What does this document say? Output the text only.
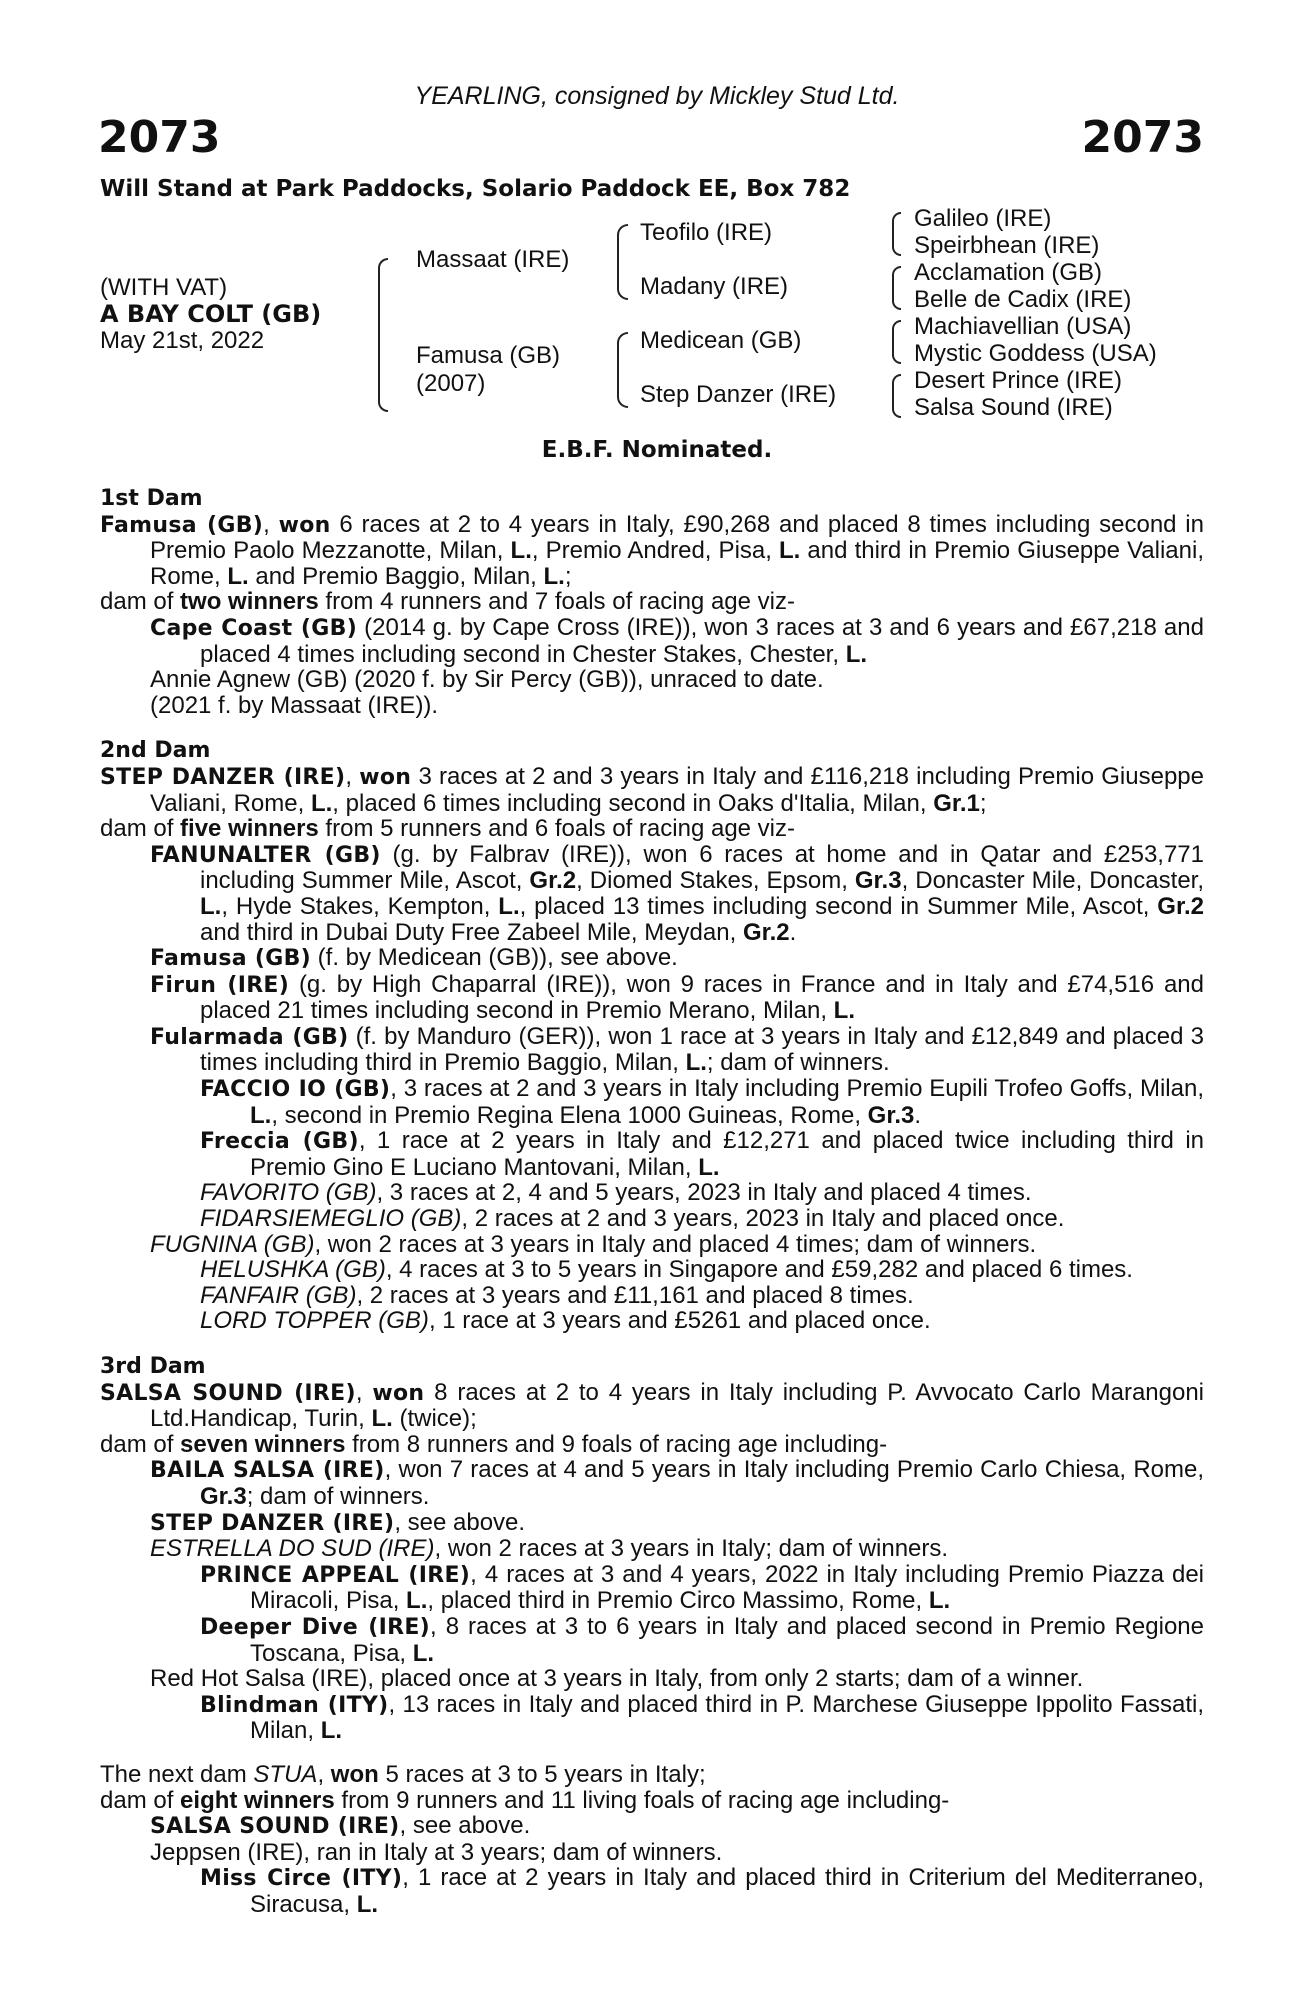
YEARLING, consigned by Mickley Stud Ltd.
2073	2073
Will Stand at Park Paddocks, Solario Paddock EE, Box 782
(WITH VAT)
A BAY COLT (GB)
May 21st, 2022
Massaat (IRE)
Famusa (GB)
(2007)
Teofilo (IRE)
Madany (IRE)
Medicean (GB)
Step Danzer (IRE)
Galileo (IRE)
Speirbhean (IRE)
Acclamation (GB)
Belle de Cadix (IRE)
Machiavellian (USA)
Mystic Goddess (USA)
Desert Prince (IRE)
Salsa Sound (IRE)
E.B.F. Nominated.
1st Dam
Famusa (GB), won 6 races at 2 to 4 years in Italy, £90,268 and placed 8 times including second in Premio Paolo Mezzanotte, Milan, L., Premio Andred, Pisa, L. and third in Premio Giuseppe Valiani, Rome, L. and Premio Baggio, Milan, L.;
dam of two winners from 4 runners and 7 foals of racing age viz-
Cape Coast (GB) (2014 g. by Cape Cross (IRE)), won 3 races at 3 and 6 years and £67,218 and placed 4 times including second in Chester Stakes, Chester, L.
Annie Agnew (GB) (2020 f. by Sir Percy (GB)), unraced to date.
(2021 f. by Massaat (IRE)).
2nd Dam
STEP DANZER (IRE), won 3 races at 2 and 3 years in Italy and £116,218 including Premio Giuseppe Valiani, Rome, L., placed 6 times including second in Oaks d'Italia, Milan, Gr.1;
dam of five winners from 5 runners and 6 foals of racing age viz-
FANUNALTER (GB) (g. by Falbrav (IRE)), won 6 races at home and in Qatar and £253,771 including Summer Mile, Ascot, Gr.2, Diomed Stakes, Epsom, Gr.3, Doncaster Mile, Doncaster, L., Hyde Stakes, Kempton, L., placed 13 times including second in Summer Mile, Ascot, Gr.2 and third in Dubai Duty Free Zabeel Mile, Meydan, Gr.2.
Famusa (GB) (f. by Medicean (GB)), see above.
Firun (IRE) (g. by High Chaparral (IRE)), won 9 races in France and in Italy and £74,516 and placed 21 times including second in Premio Merano, Milan, L.
Fularmada (GB) (f. by Manduro (GER)), won 1 race at 3 years in Italy and £12,849 and placed 3 times including third in Premio Baggio, Milan, L.; dam of winners.
FACCIO IO (GB), 3 races at 2 and 3 years in Italy including Premio Eupili Trofeo Goffs, Milan, L., second in Premio Regina Elena 1000 Guineas, Rome, Gr.3.
Freccia (GB), 1 race at 2 years in Italy and £12,271 and placed twice including third in Premio Gino E Luciano Mantovani, Milan, L.
FAVORITO (GB), 3 races at 2, 4 and 5 years, 2023 in Italy and placed 4 times.
FIDARSIEMEGLIO (GB), 2 races at 2 and 3 years, 2023 in Italy and placed once.
FUGNINA (GB), won 2 races at 3 years in Italy and placed 4 times; dam of winners.
HELUSHKA (GB), 4 races at 3 to 5 years in Singapore and £59,282 and placed 6 times.
FANFAIR (GB), 2 races at 3 years and £11,161 and placed 8 times.
LORD TOPPER (GB), 1 race at 3 years and £5261 and placed once.
3rd Dam
SALSA SOUND (IRE), won 8 races at 2 to 4 years in Italy including P. Avvocato Carlo Marangoni Ltd.Handicap, Turin, L. (twice);
dam of seven winners from 8 runners and 9 foals of racing age including-
BAILA SALSA (IRE), won 7 races at 4 and 5 years in Italy including Premio Carlo Chiesa, Rome, Gr.3; dam of winners.
STEP DANZER (IRE), see above.
ESTRELLA DO SUD (IRE), won 2 races at 3 years in Italy; dam of winners.
PRINCE APPEAL (IRE), 4 races at 3 and 4 years, 2022 in Italy including Premio Piazza dei Miracoli, Pisa, L., placed third in Premio Circo Massimo, Rome, L.
Deeper Dive (IRE), 8 races at 3 to 6 years in Italy and placed second in Premio Regione Toscana, Pisa, L.
Red Hot Salsa (IRE), placed once at 3 years in Italy, from only 2 starts; dam of a winner.
Blindman (ITY), 13 races in Italy and placed third in P. Marchese Giuseppe Ippolito Fassati, Milan, L.
The next dam STUA, won 5 races at 3 to 5 years in Italy;
dam of eight winners from 9 runners and 11 living foals of racing age including-
SALSA SOUND (IRE), see above.
Jeppsen (IRE), ran in Italy at 3 years; dam of winners.
Miss Circe (ITY), 1 race at 2 years in Italy and placed third in Criterium del Mediterraneo, Siracusa, L.
